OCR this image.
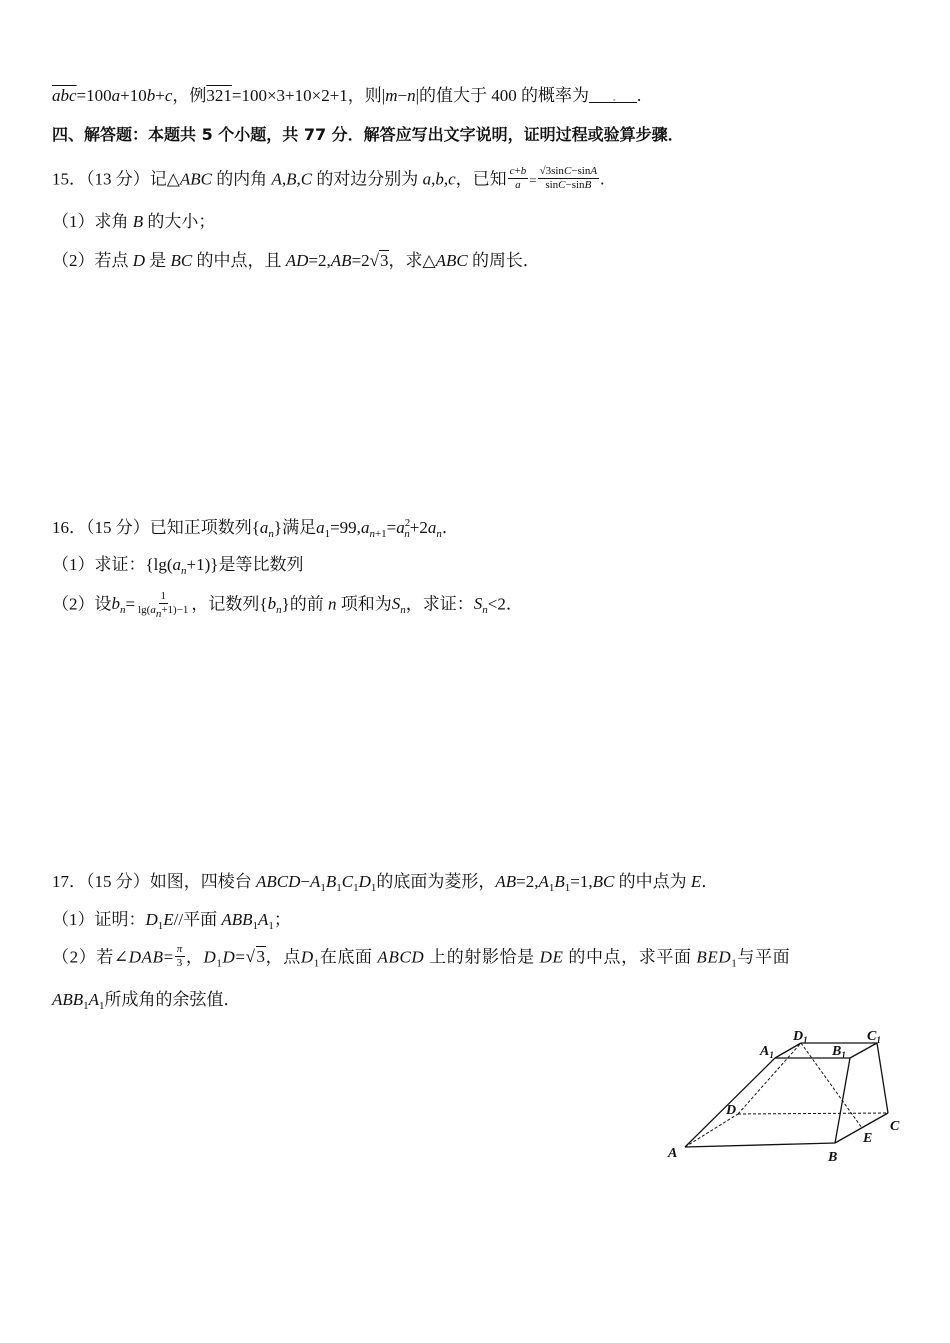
$\overline{abc}=100a+10b+c$，例321=100×3+10×2+1，则|m−n|的值大于 400 的概率为	▪ .
四、解答题：本题共 5 个小题，共 77 分．解答应写出文字说明，证明过程或验算步骤．
15．（13 分）记△ABC 的内角 A,B,C 的对边分别为 a,b,c，已知 $\frac{c+b}{a} = \frac{√3\sin C-\sin A}{\sin C-\sin B}$ .
（1）求角 B 的大小；
（2）若点 D 是 BC 的中点，且 AD=2,AB=2√3，求△ABC 的周长．
16．（15 分）已知正项数列$\{a_n\}$满足$a_1=99,a_{n+1}=a^2_n+2a_n$．
（1）求证：$\{\lg(a_n+1)\}$是等比数列
（2）设$b_n= \frac{1}{\lg(a_n+1)-1}$ ，记数列$\{b_n\}$的前 n 项和为$S_n$，求证：$S_n<2$．
17．（15 分）如图，四棱台 $ABCD-A_1B_1C_1D_1$的底面为菱形，$AB=2,A_1B_1=1,BC$ 的中点为 E．
（1）证明：$D_1E//$平面 $ABB_1A_1$；
（2）若∠DAB= $\frac{\pi}{3}$ ，$D_1D=√3$，点$D_1$在底面 ABCD 上的射影恰是 DE 的中点，求平面 $BED_1$与平面
$ABB_1A_1$所成角的余弦值．
A	B
C
D
E
$A_1$	$B_1$
$D_1$	$C_1$
